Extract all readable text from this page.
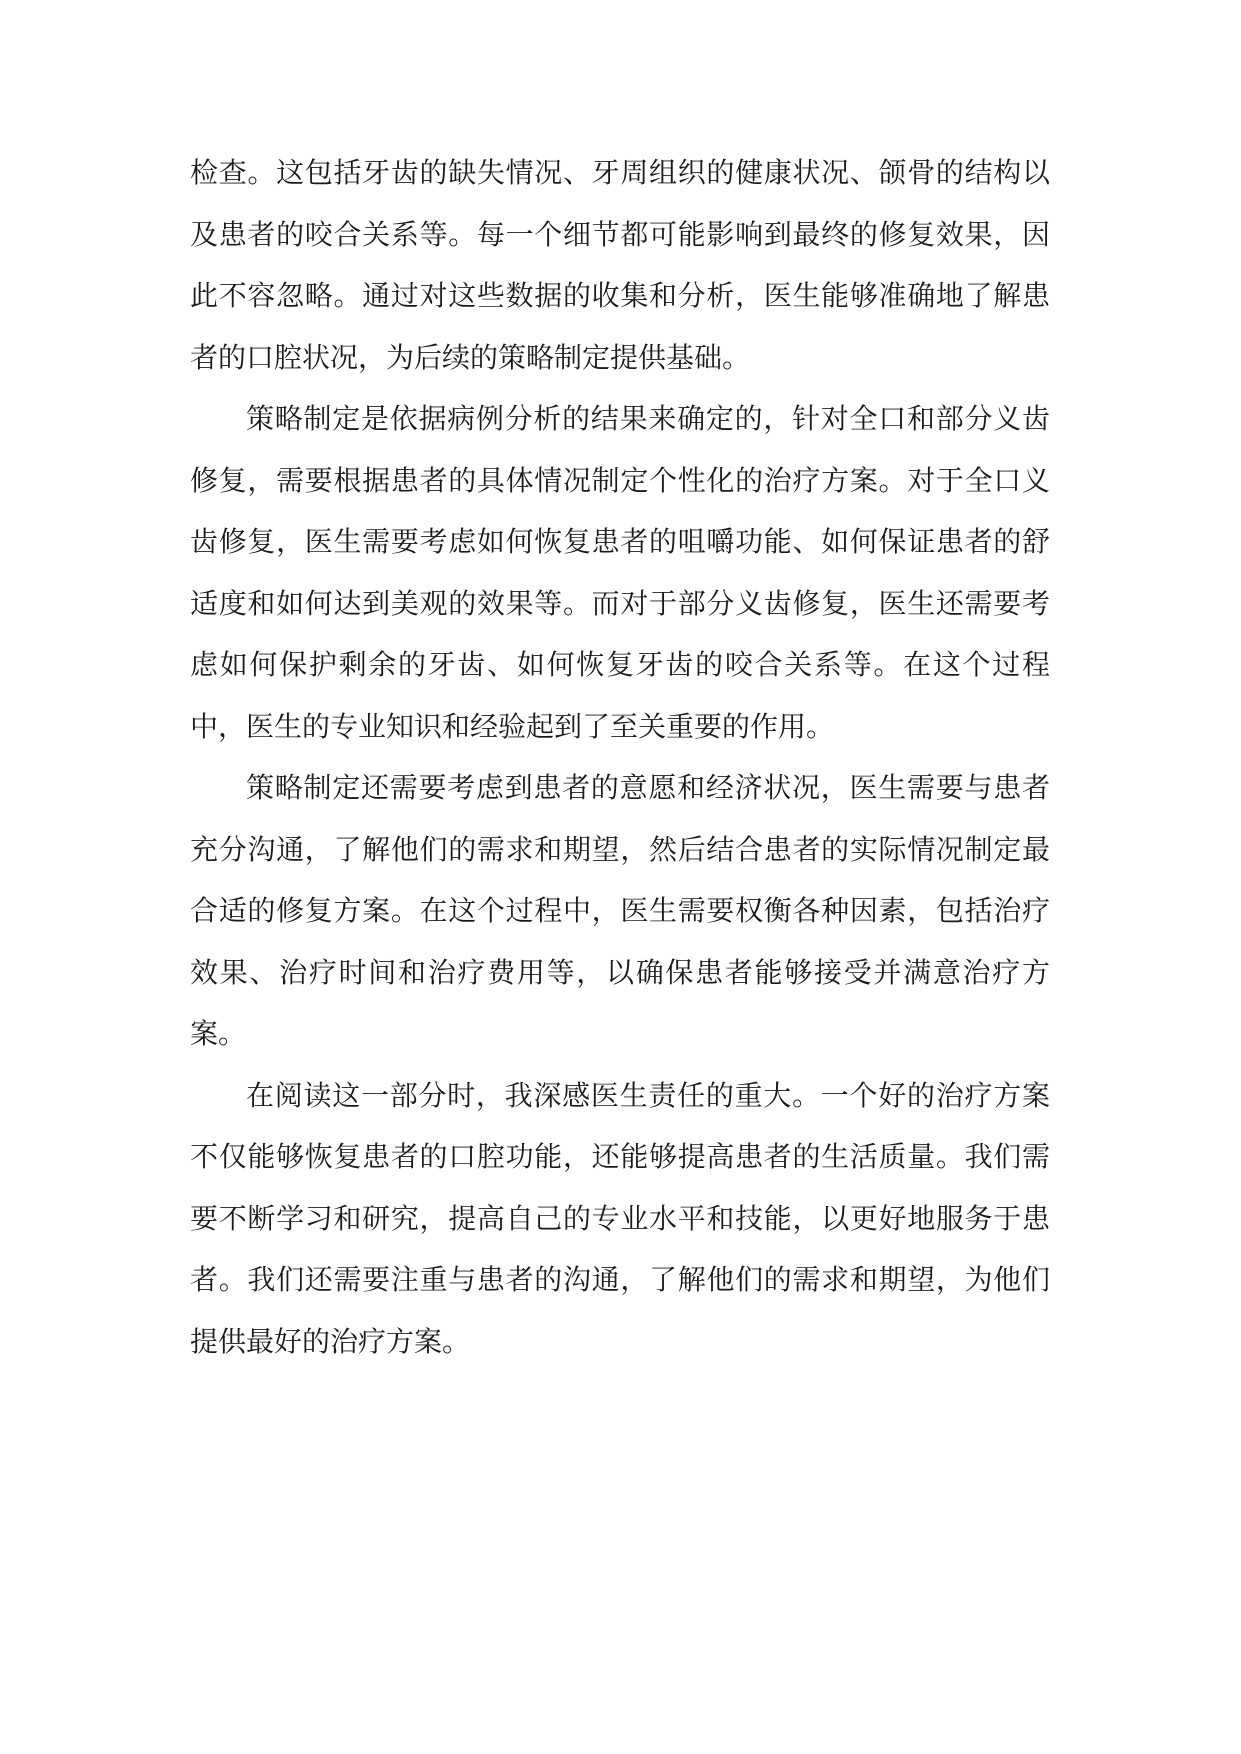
检查。这包括牙齿的缺失情况、牙周组织的健康状况、颌骨的结构以及患者的咬合关系等。每一个细节都可能影响到最终的修复效果，因此不容忽略。通过对这些数据的收集和分析，医生能够准确地了解患者的口腔状况，为后续的策略制定提供基础。

策略制定是依据病例分析的结果来确定的，针对全口和部分义齿修复，需要根据患者的具体情况制定个性化的治疗方案。对于全口义齿修复，医生需要考虑如何恢复患者的咀嚼功能、如何保证患者的舒适度和如何达到美观的效果等。而对于部分义齿修复，医生还需要考虑如何保护剩余的牙齿、如何恢复牙齿的咬合关系等。在这个过程中，医生的专业知识和经验起到了至关重要的作用。

策略制定还需要考虑到患者的意愿和经济状况，医生需要与患者充分沟通，了解他们的需求和期望，然后结合患者的实际情况制定最合适的修复方案。在这个过程中，医生需要权衡各种因素，包括治疗效果、治疗时间和治疗费用等，以确保患者能够接受并满意治疗方案。

在阅读这一部分时，我深感医生责任的重大。一个好的治疗方案不仅能够恢复患者的口腔功能，还能够提高患者的生活质量。我们需要不断学习和研究，提高自己的专业水平和技能，以更好地服务于患者。我们还需要注重与患者的沟通，了解他们的需求和期望，为他们提供最好的治疗方案。
